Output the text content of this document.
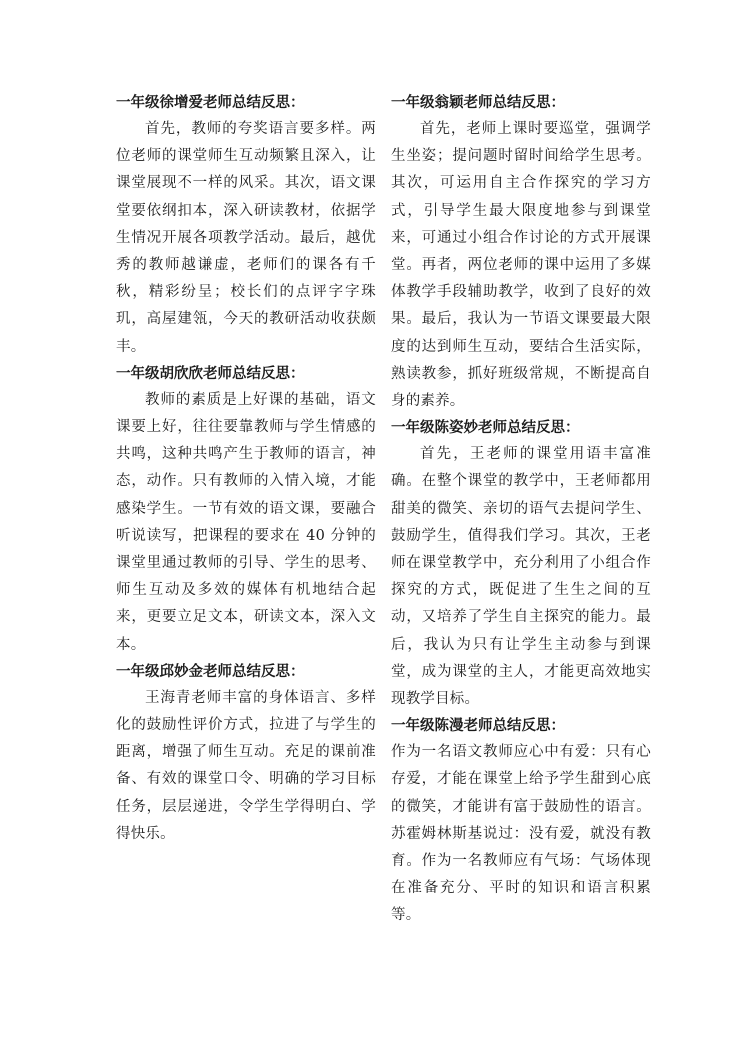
一年级徐增爱老师总结反思：

首先，教师的夸奖语言要多样。两位老师的课堂师生互动频繁且深入，让课堂展现不一样的风采。其次，语文课堂要依纲扣本，深入研读教材，依据学生情况开展各项教学活动。最后，越优秀的教师越谦虚，老师们的课各有千秋，精彩纷呈；校长们的点评字字珠玑，高屋建瓴，今天的教研活动收获颇丰。

一年级胡欣欣老师总结反思：

教师的素质是上好课的基础，语文课要上好，往往要靠教师与学生情感的共鸣，这种共鸣产生于教师的语言，神态，动作。只有教师的入情入境，才能感染学生。一节有效的语文课，要融合听说读写，把课程的要求在 40 分钟的课堂里通过教师的引导、学生的思考、师生互动及多效的媒体有机地结合起来，更要立足文本，研读文本，深入文本。

一年级邱妙金老师总结反思：

王海青老师丰富的身体语言、多样化的鼓励性评价方式，拉进了与学生的距离，增强了师生互动。充足的课前准备、有效的课堂口令、明确的学习目标任务，层层递进，令学生学得明白、学得快乐。

一年级翁颖老师总结反思：

首先，老师上课时要巡堂，强调学生坐姿；提问题时留时间给学生思考。其次，可运用自主合作探究的学习方式，引导学生最大限度地参与到课堂来，可通过小组合作讨论的方式开展课堂。再者，两位老师的课中运用了多媒体教学手段辅助教学，收到了良好的效果。最后，我认为一节语文课要最大限度的达到师生互动，要结合生活实际，熟读教参，抓好班级常规，不断提高自身的素养。

一年级陈姿妙老师总结反思：

首先，王老师的课堂用语丰富准确。在整个课堂的教学中，王老师都用甜美的微笑、亲切的语气去提问学生、鼓励学生，值得我们学习。其次，王老师在课堂教学中，充分利用了小组合作探究的方式，既促进了生生之间的互动，又培养了学生自主探究的能力。最后，我认为只有让学生主动参与到课堂，成为课堂的主人，才能更高效地实现教学目标。

一年级陈漫老师总结反思：

作为一名语文教师应心中有爱：只有心存爱，才能在课堂上给予学生甜到心底的微笑，才能讲有富于鼓励性的语言。苏霍姆林斯基说过：没有爱，就没有教育。作为一名教师应有气场：气场体现在准备充分、平时的知识和语言积累等。
